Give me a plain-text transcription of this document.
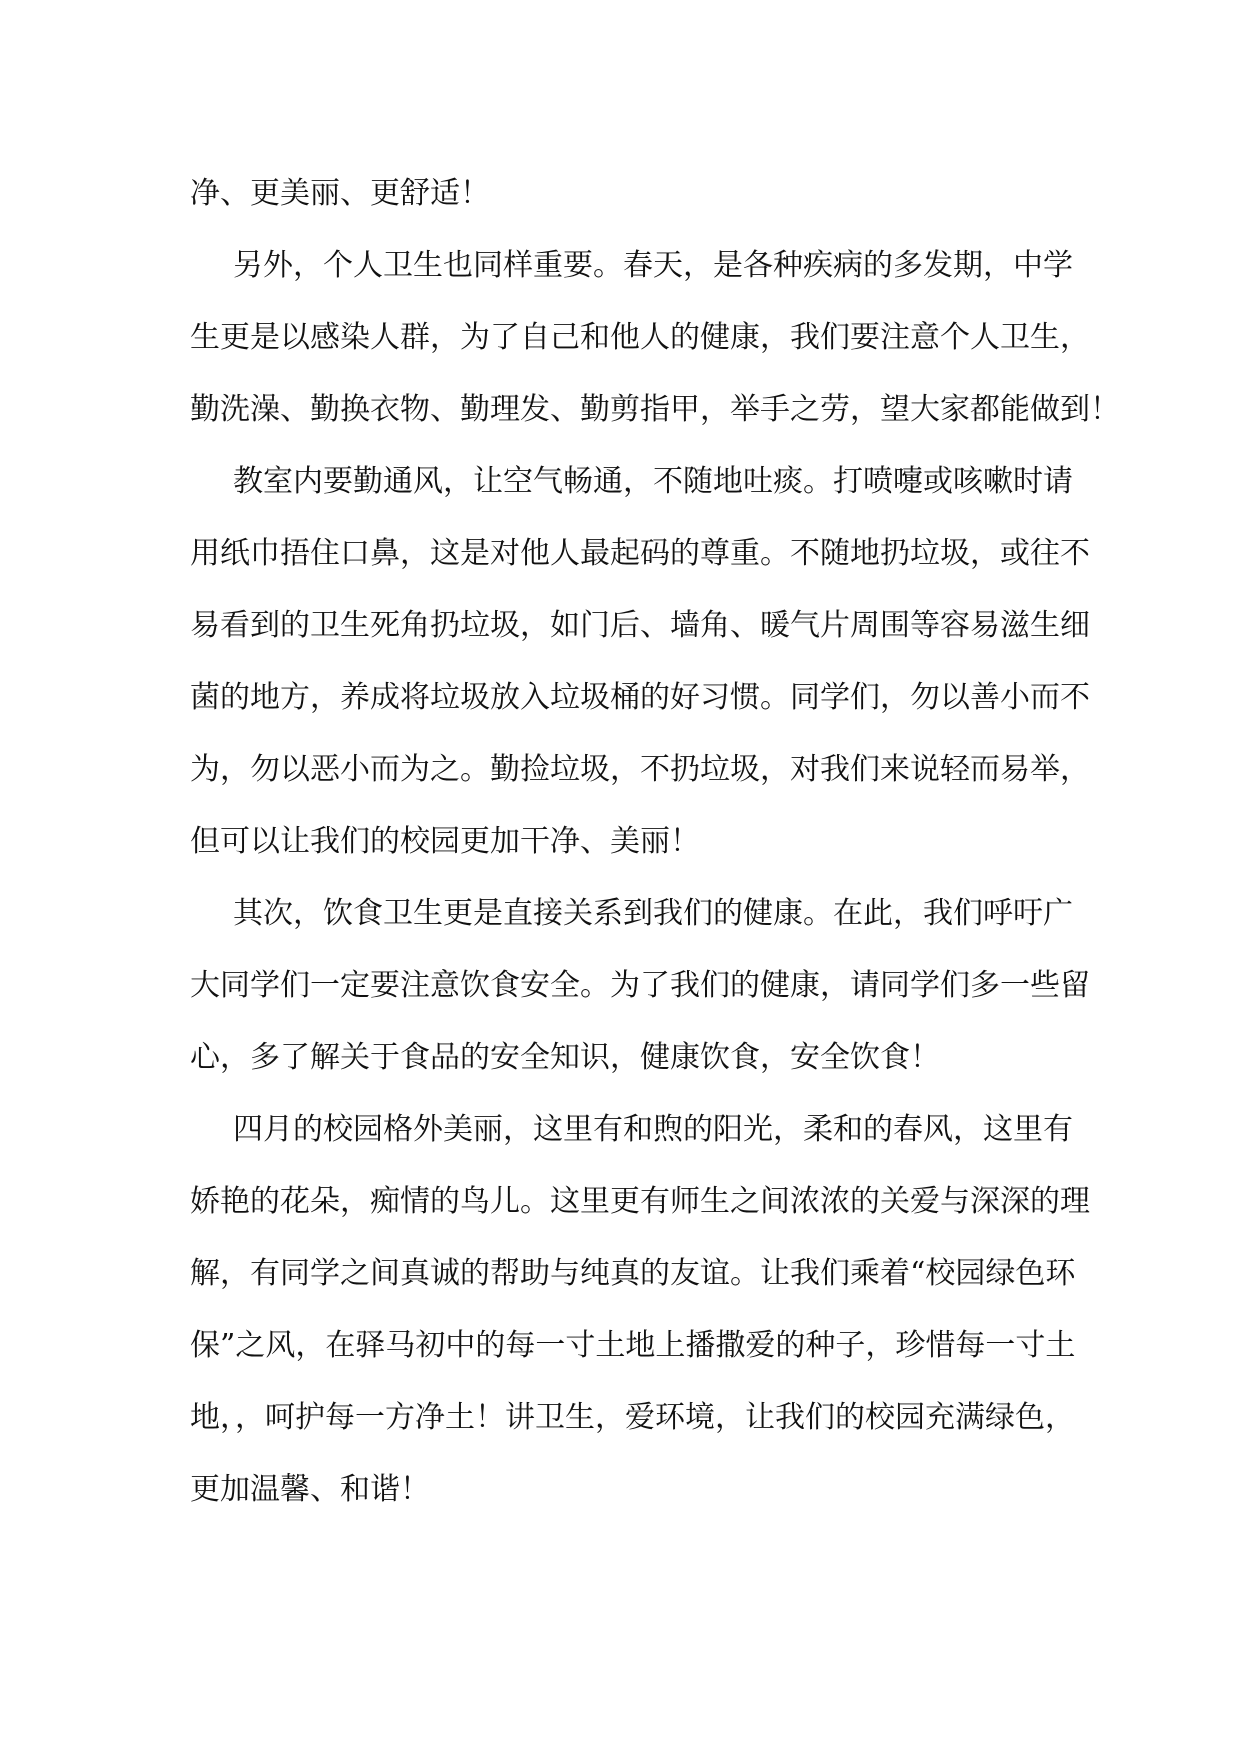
净、更美丽、更舒适！
另外，个人卫生也同样重要。春天，是各种疾病的多发期，中学
生更是以感染人群，为了自己和他人的健康，我们要注意个人卫生，
勤洗澡、勤换衣物、勤理发、勤剪指甲，举手之劳，望大家都能做到！
教室内要勤通风，让空气畅通，不随地吐痰。打喷嚏或咳嗽时请
用纸巾捂住口鼻，这是对他人最起码的尊重。不随地扔垃圾，或往不
易看到的卫生死角扔垃圾，如门后、墙角、暖气片周围等容易滋生细
菌的地方，养成将垃圾放入垃圾桶的好习惯。同学们，勿以善小而不
为，勿以恶小而为之。勤捡垃圾，不扔垃圾，对我们来说轻而易举，
但可以让我们的校园更加干净、美丽！
其次，饮食卫生更是直接关系到我们的健康。在此，我们呼吁广
大同学们一定要注意饮食安全。为了我们的健康，请同学们多一些留
心，多了解关于食品的安全知识，健康饮食，安全饮食！
四月的校园格外美丽，这里有和煦的阳光，柔和的春风，这里有
娇艳的花朵，痴情的鸟儿。这里更有师生之间浓浓的关爱与深深的理
解，有同学之间真诚的帮助与纯真的友谊。让我们乘着“校园绿色环
保”之风，在驿马初中的每一寸土地上播撒爱的种子，珍惜每一寸土
地，，呵护每一方净土！讲卫生，爱环境，让我们的校园充满绿色，
更加温馨、和谐！
